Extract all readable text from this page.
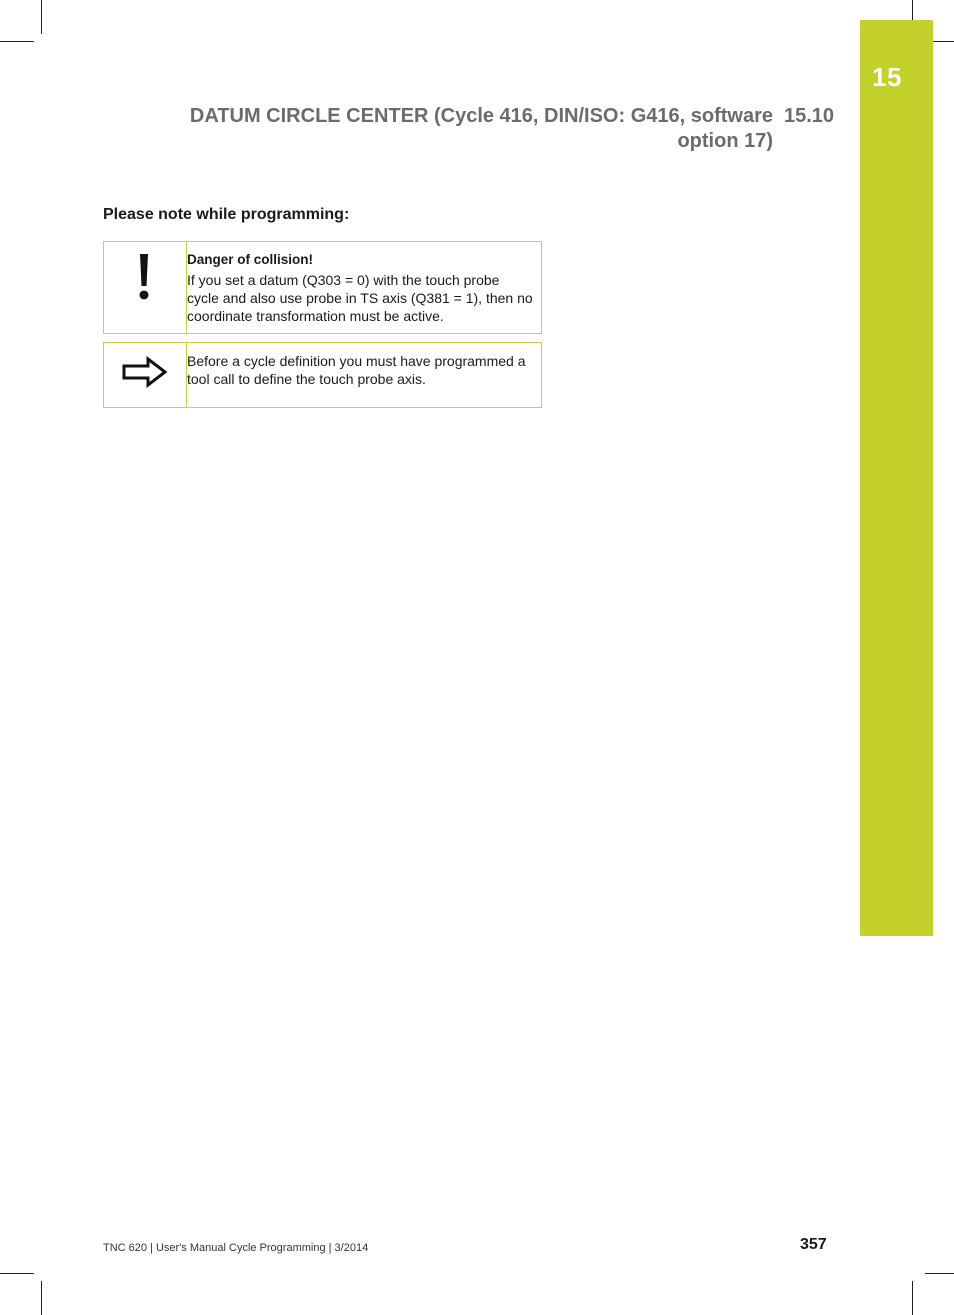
15
DATUM CIRCLE CENTER (Cycle 416, DIN/ISO: G416, software option 17)
15.10
Please note while programming:
Danger of collision!
If you set a datum (Q303 = 0) with the touch probe cycle and also use probe in TS axis (Q381 = 1), then no coordinate transformation must be active.
Before a cycle definition you must have programmed a tool call to define the touch probe axis.
TNC 620 | User's Manual Cycle Programming | 3/2014	357
